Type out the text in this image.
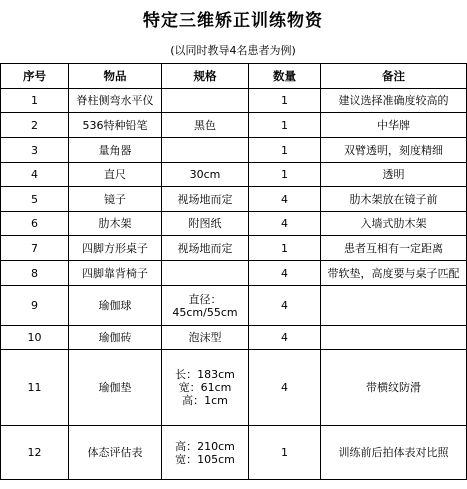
特定三维矫正训练物资
(以同时教导4名患者为例)
序号	物品	规格	数量	备注
1	脊柱侧弯水平仪		1	建议选择准确度较高的
2	536特种铅笔	黑色	1	中华牌
3	量角器		1	双臂透明，刻度精细
4	直尺	30cm	1	透明
5	镜子	视场地而定	4	肋木架放在镜子前
6	肋木架	附图纸	4	入墙式肋木架
7	四脚方形桌子	视场地而定	1	患者互相有一定距离
8	四脚靠背椅子		4	带软垫，高度要与桌子匹配
9	瑜伽球	直径：
45cm/55cm	4	
10	瑜伽砖	泡沫型	4	
11	瑜伽垫	长：183cm
宽：61cm
高：1cm	4	带横纹防滑
12	体态评估表	高：210cm
宽：105cm	1	训练前后拍体表对比照
